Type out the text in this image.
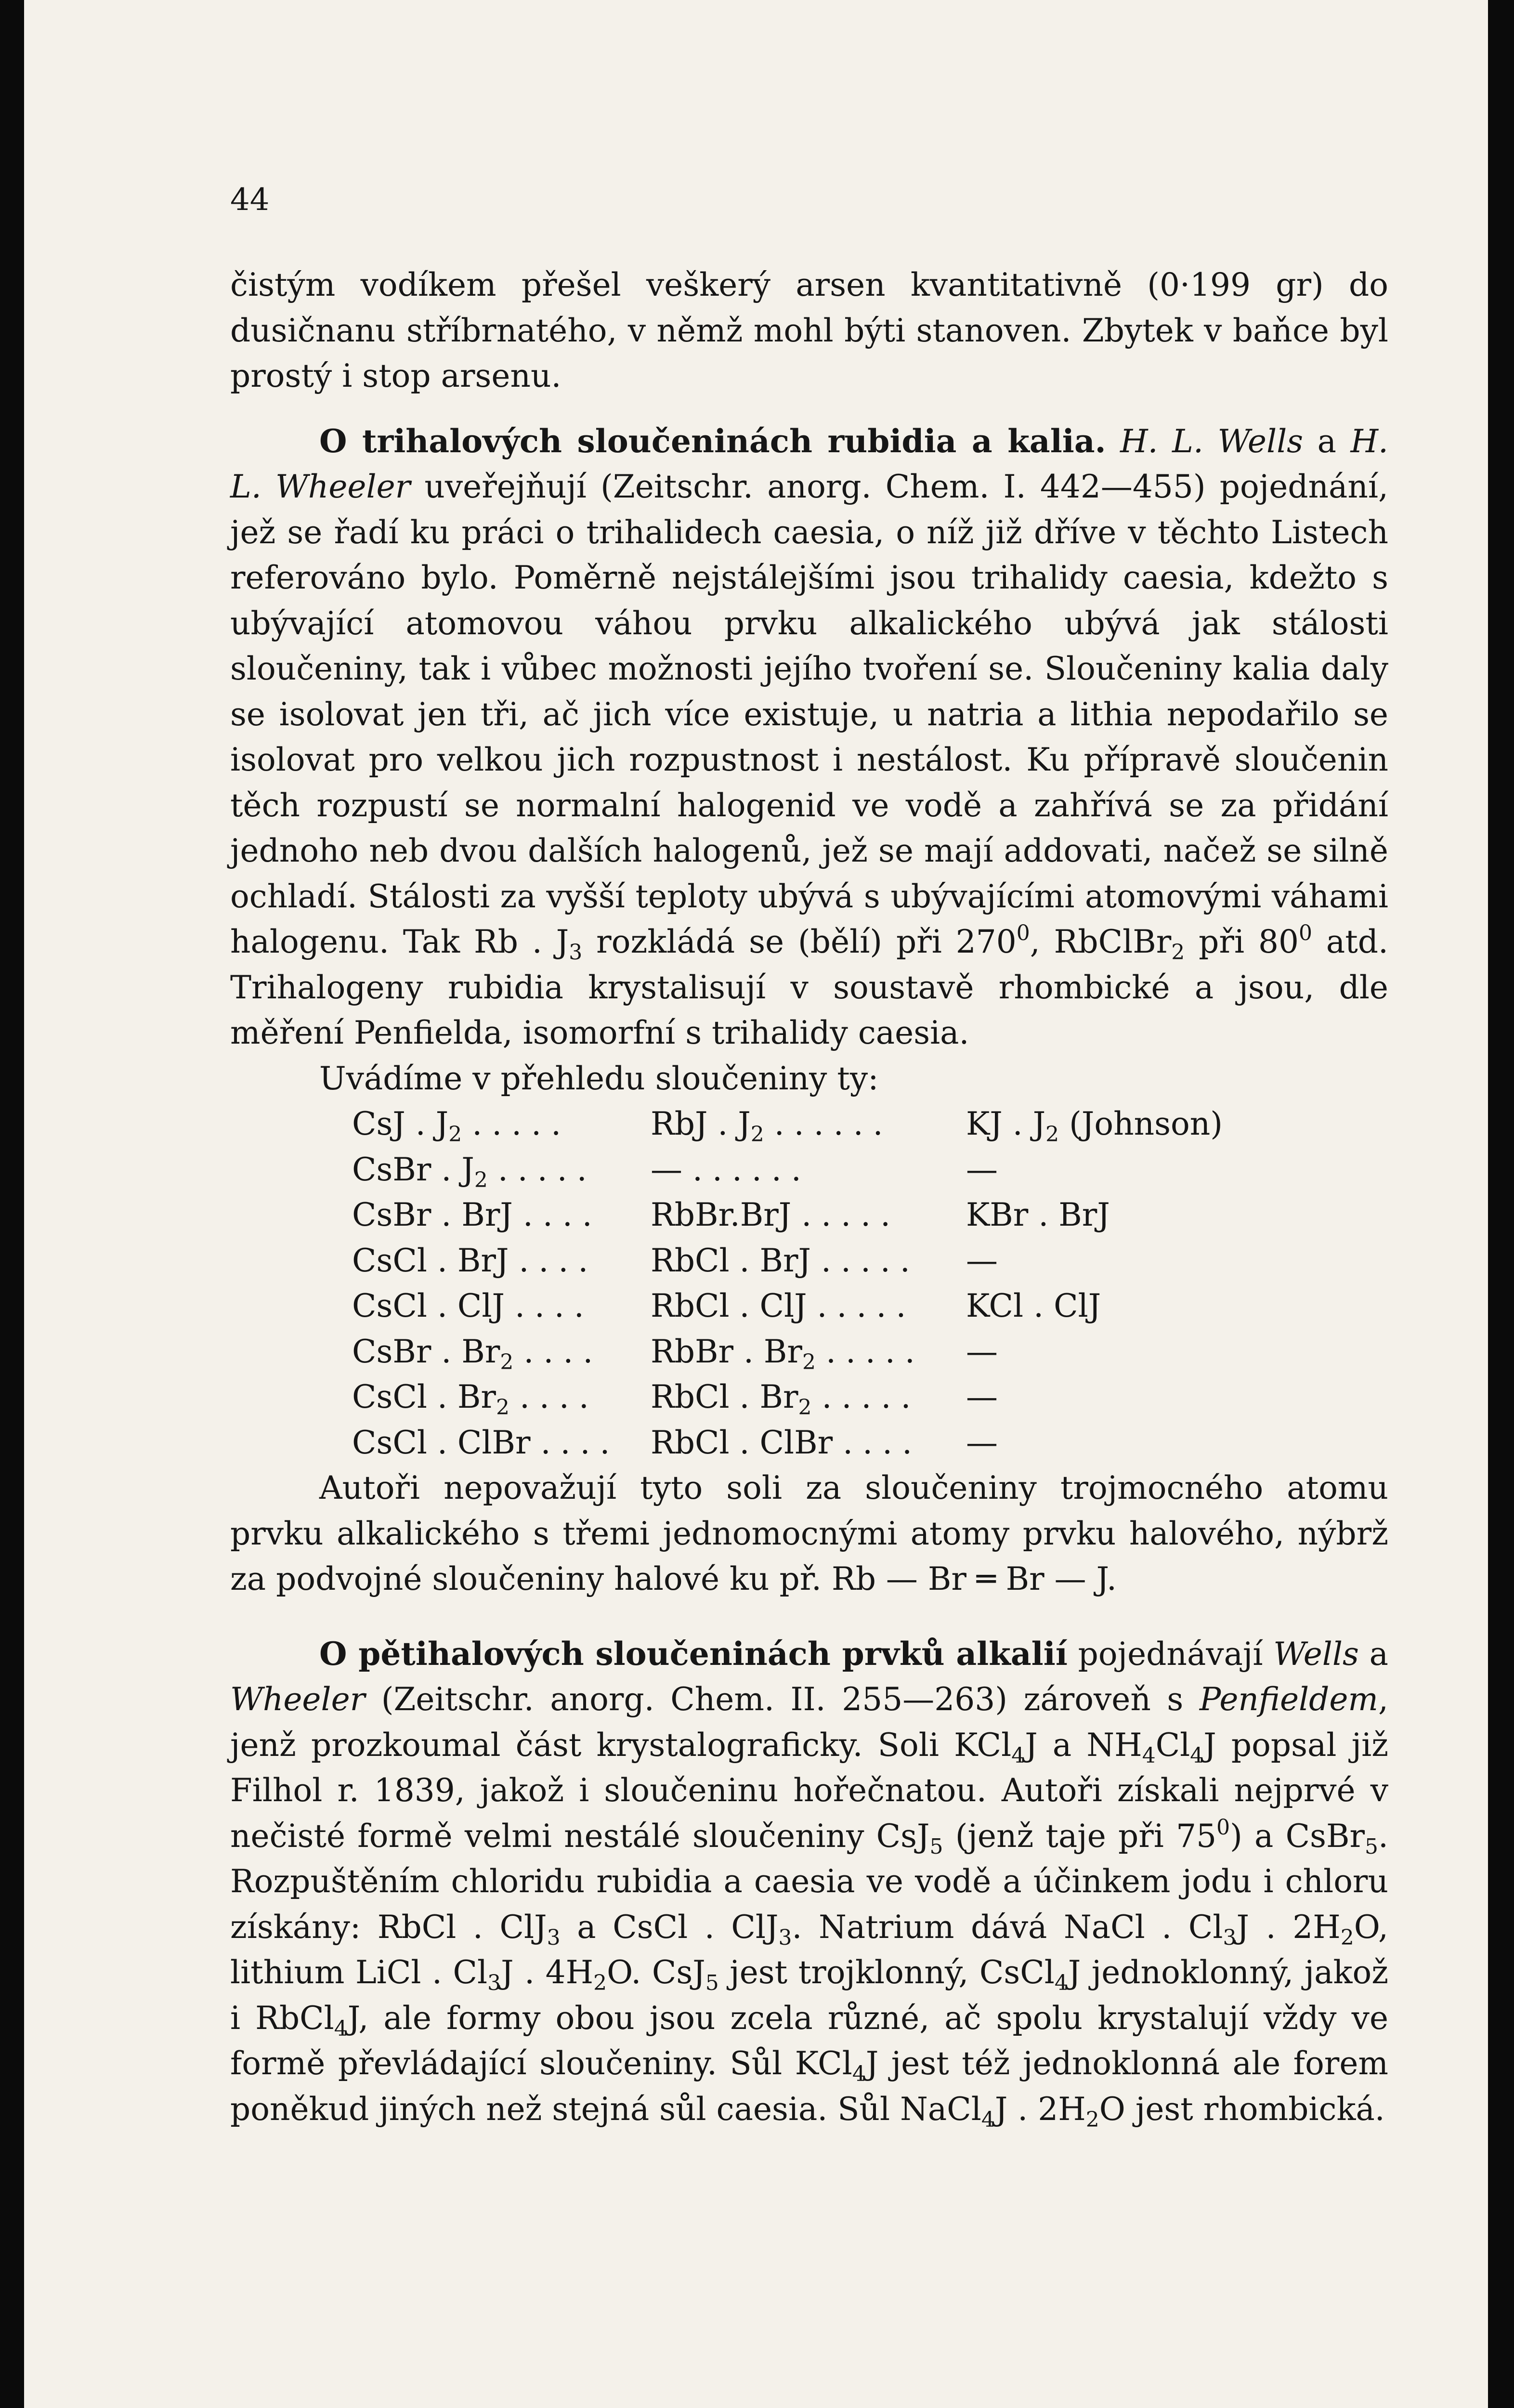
44

čistým vodíkem přešel veškerý arsen kvantitativně (0·199 gr) do dusičnanu stříbrnatého, v němž mohl býti stanoven. Zbytek v baňce byl prostý i stop arsenu.

O trihalových sloučeninách rubidia a kalia. H. L. Wells a H. L. Wheeler uveřejňují (Zeitschr. anorg. Chem. I. 442—455) pojednání, jež se řadí ku práci o trihalidech caesia, o níž již dříve v těchto Listech referováno bylo. Poměrně nejstálejšími jsou trihalidy caesia, kdežto s ubývající atomovou váhou prvku alkalického ubývá jak stálosti sloučeniny, tak i vůbec možnosti jejího tvoření se. Sloučeniny kalia daly se isolovat jen tři, ač jich více existuje, u natria a lithia nepodařilo se isolovat pro velkou jich rozpustnost i nestálost. Ku přípravě sloučenin těch rozpustí se normalní halogenid ve vodě a zahřívá se za přidání jednoho neb dvou dalších halogenů, jež se mají addovati, načež se silně ochladí. Stálosti za vyšší teploty ubývá s ubývajícími atomovými váhami halogenu. Tak Rb . $J_3$ rozkládá se (bělí) při $270^0$, RbClBr$_2$ při $80^0$ atd. Trihalogeny rubidia krystalisují v soustavě rhombické a jsou, dle měření Penfielda, isomorfní s trihalidy caesia.

Uvádíme v přehledu sloučeniny ty:

CsJ . $J_2$ .....	RbJ . $J_2$ ......	KJ . $J_2$ (Johnson)
CsBr . $J_2$ .....	— ......	—
CsBr . BrJ ....	RbBr.BrJ .....	KBr . BrJ
CsCl . BrJ ....	RbCl . BrJ .....	—
CsCl . ClJ ....	RbCl . ClJ .....	KCl . ClJ
CsBr . $Br_2$ ....	RbBr . $Br_2$ .....	—
CsCl . $Br_2$ ....	RbCl . $Br_2$ .....	—
CsCl . ClBr ....	RbCl . ClBr ....	—

Autoři nepovažují tyto soli za sloučeniny trojmocného atomu prvku alkalického s třemi jednomocnými atomy prvku halového, nýbrž za podvojné sloučeniny halové ku př. Rb — Br ═ Br — J.

O pětihalových sloučeninách prvků alkalií pojednávají Wells a Wheeler (Zeitschr. anorg. Chem. II. 255—263) zároveň s Penfieldem, jenž prozkoumal část krystalograficky. Soli KCl$_4$J a $NH_4Cl_4J$ popsal již Filhol r. 1839, jakož i sloučeninu hořečnatou. Autoři získali nejprvé v nečisté formě velmi nestálé sloučeniny CsJ$_5$ (jenž taje při $75^0$) a CsBr$_5$. Rozpuštěním chloridu rubidia a caesia ve vodě a účinkem jodu i chloru získány: RbCl . ClJ$_3$ a CsCl . ClJ$_3$. Natrium dává NaCl . $Cl_3J$ . $2H_2O$, lithium LiCl . $Cl_3J$ . $4H_2O$. CsJ$_5$ jest trojklonný, CsCl$_4$J jednoklonný, jakož i RbCl$_4$J, ale formy obou jsou zcela různé, ač spolu krystalují vždy ve formě převládající sloučeniny. Sůl KCl$_4$J jest též jednoklonná ale forem poněkud jiných než stejná sůl caesia. Sůl NaCl$_4$J . $2H_2O$ jest rhombická.
